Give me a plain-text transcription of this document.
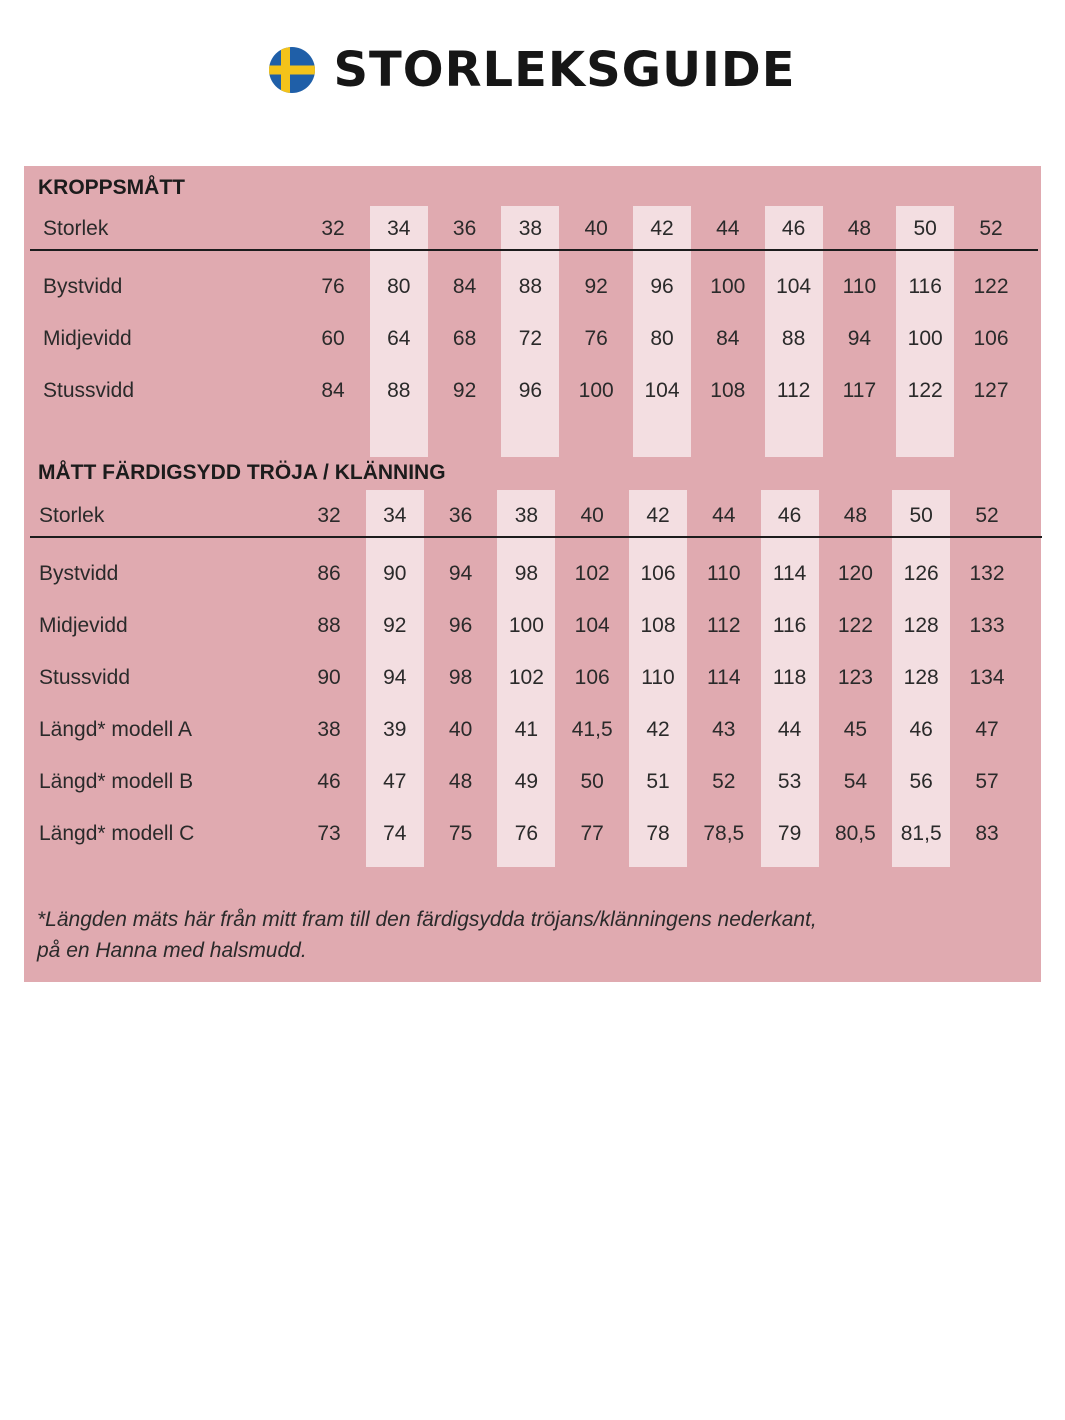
STORLEKSGUIDE
KROPPSMÅTT
Storlek	32	34	36	38	40	42	44	46	48	50	52
Bystvidd	76	80	84	88	92	96	100	104	110	116	122
Midjevidd	60	64	68	72	76	80	84	88	94	100	106
Stussvidd	84	88	92	96	100	104	108	112	117	122	127
MÅTT FÄRDIGSYDD TRÖJA / KLÄNNING
Storlek	32	34	36	38	40	42	44	46	48	50	52
Bystvidd	86	90	94	98	102	106	110	114	120	126	132
Midjevidd	88	92	96	100	104	108	112	116	122	128	133
Stussvidd	90	94	98	102	106	110	114	118	123	128	134
Längd* modell A	38	39	40	41	41,5	42	43	44	45	46	47
Längd* modell B	46	47	48	49	50	51	52	53	54	56	57
Längd* modell C	73	74	75	76	77	78	78,5	79	80,5	81,5	83
*Längden mäts här från mitt fram till den färdigsydda tröjans/klänningens nederkant,
på en Hanna med halsmudd.
